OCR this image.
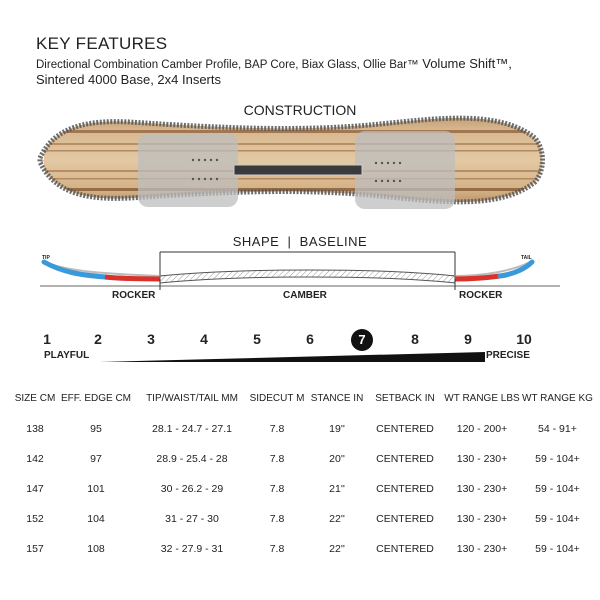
KEY FEATURES
Directional Combination Camber Profile, BAP Core, Biax Glass, Ollie Bar™ Volume Shift™,
Sintered 4000 Base, 2x4 Inserts
CONSTRUCTION
SHAPE  |  BASELINE
TIP	TAIL
ROCKER	CAMBER	ROCKER
1	2	3	4	5	6	7	8	9	10
PLAYFUL	PRECISE
SIZE CM	EFF. EDGE CM	TIP/WAIST/TAIL MM	SIDECUT M	STANCE IN	SETBACK IN	WT RANGE LBS	WT RANGE KG
138	95	28.1 - 24.7 - 27.1	7.8	19''	CENTERED	120 - 200+	54 - 91+
142	97	28.9 - 25.4 - 28	7.8	20''	CENTERED	130 - 230+	59 - 104+
147	101	30 - 26.2 - 29	7.8	21''	CENTERED	130 - 230+	59 - 104+
152	104	31 - 27 - 30	7.8	22''	CENTERED	130 - 230+	59 - 104+
157	108	32 - 27.9 - 31	7.8	22''	CENTERED	130 - 230+	59 - 104+
